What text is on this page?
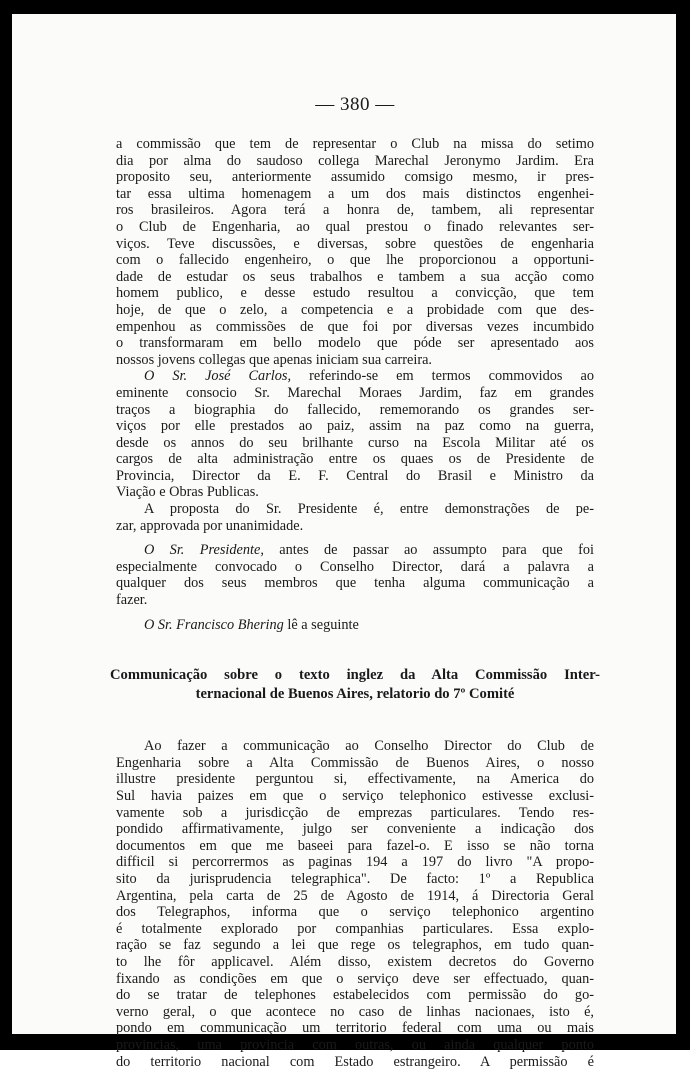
— 380 —

a commissão que tem de representar o Club na missa do setimo
dia por alma do saudoso collega Marechal Jeronymo Jardim. Era
proposito seu, anteriormente assumido comsigo mesmo, ir pres-
tar essa ultima homenagem a um dos mais distinctos engenhei-
ros brasileiros. Agora terá a honra de, tambem, ali representar
o Club de Engenharia, ao qual prestou o finado relevantes ser-
viços. Teve discussões, e diversas, sobre questões de engenharia
com o fallecido engenheiro, o que lhe proporcionou a opportuni-
dade de estudar os seus trabalhos e tambem a sua acção como
homem publico, e desse estudo resultou a convicção, que tem
hoje, de que o zelo, a competencia e a probidade com que des-
empenhou as commissões de que foi por diversas vezes incumbido
o transformaram em bello modelo que póde ser apresentado aos
nossos jovens collegas que apenas iniciam sua carreira.

O Sr. José Carlos, referindo-se em termos commovidos ao
eminente consocio Sr. Marechal Moraes Jardim, faz em grandes
traços a biographia do fallecido, rememorando os grandes ser-
viços por elle prestados ao paiz, assim na paz como na guerra,
desde os annos do seu brilhante curso na Escola Militar até os
cargos de alta administração entre os quaes os de Presidente de
Provincia, Director da E. F. Central do Brasil e Ministro da
Viação e Obras Publicas.

A proposta do Sr. Presidente é, entre demonstrações de pe-
zar, approvada por unanimidade.

O Sr. Presidente, antes de passar ao assumpto para que foi
especialmente convocado o Conselho Director, dará a palavra a
qualquer dos seus membros que tenha alguma communicação a
fazer.

O Sr. Francisco Bhering lê a seguinte

Communicação sobre o texto inglez da Alta Commissão Inter-
ternacional de Buenos Aires, relatorio do 7º Comité

Ao fazer a communicação ao Conselho Director do Club de
Engenharia sobre a Alta Commissão de Buenos Aires, o nosso
illustre presidente perguntou si, effectivamente, na America do
Sul havia paizes em que o serviço telephonico estivesse exclusi-
vamente sob a jurisdicção de emprezas particulares. Tendo res-
pondido affirmativamente, julgo ser conveniente a indicação dos
documentos em que me baseei para fazel-o. E isso se não torna
difficil si percorrermos as paginas 194 a 197 do livro "A propo-
sito da jurisprudencia telegraphica". De facto: 1º a Republica
Argentina, pela carta de 25 de Agosto de 1914, á Directoria Geral
dos Telegraphos, informa que o serviço telephonico argentino
é totalmente explorado por companhias particulares. Essa explo-
ração se faz segundo a lei que rege os telegraphos, em tudo quan-
to lhe fôr applicavel. Além disso, existem decretos do Governo
fixando as condições em que o serviço deve ser effectuado, quan-
do se tratar de telephones estabelecidos com permissão do go-
verno geral, o que acontece no caso de linhas nacionaes, isto é,
pondo em communicação um territorio federal com uma ou mais
provincias, uma provincia com outras, ou ainda qualquer ponto
do territorio nacional com Estado estrangeiro. A permissão é
